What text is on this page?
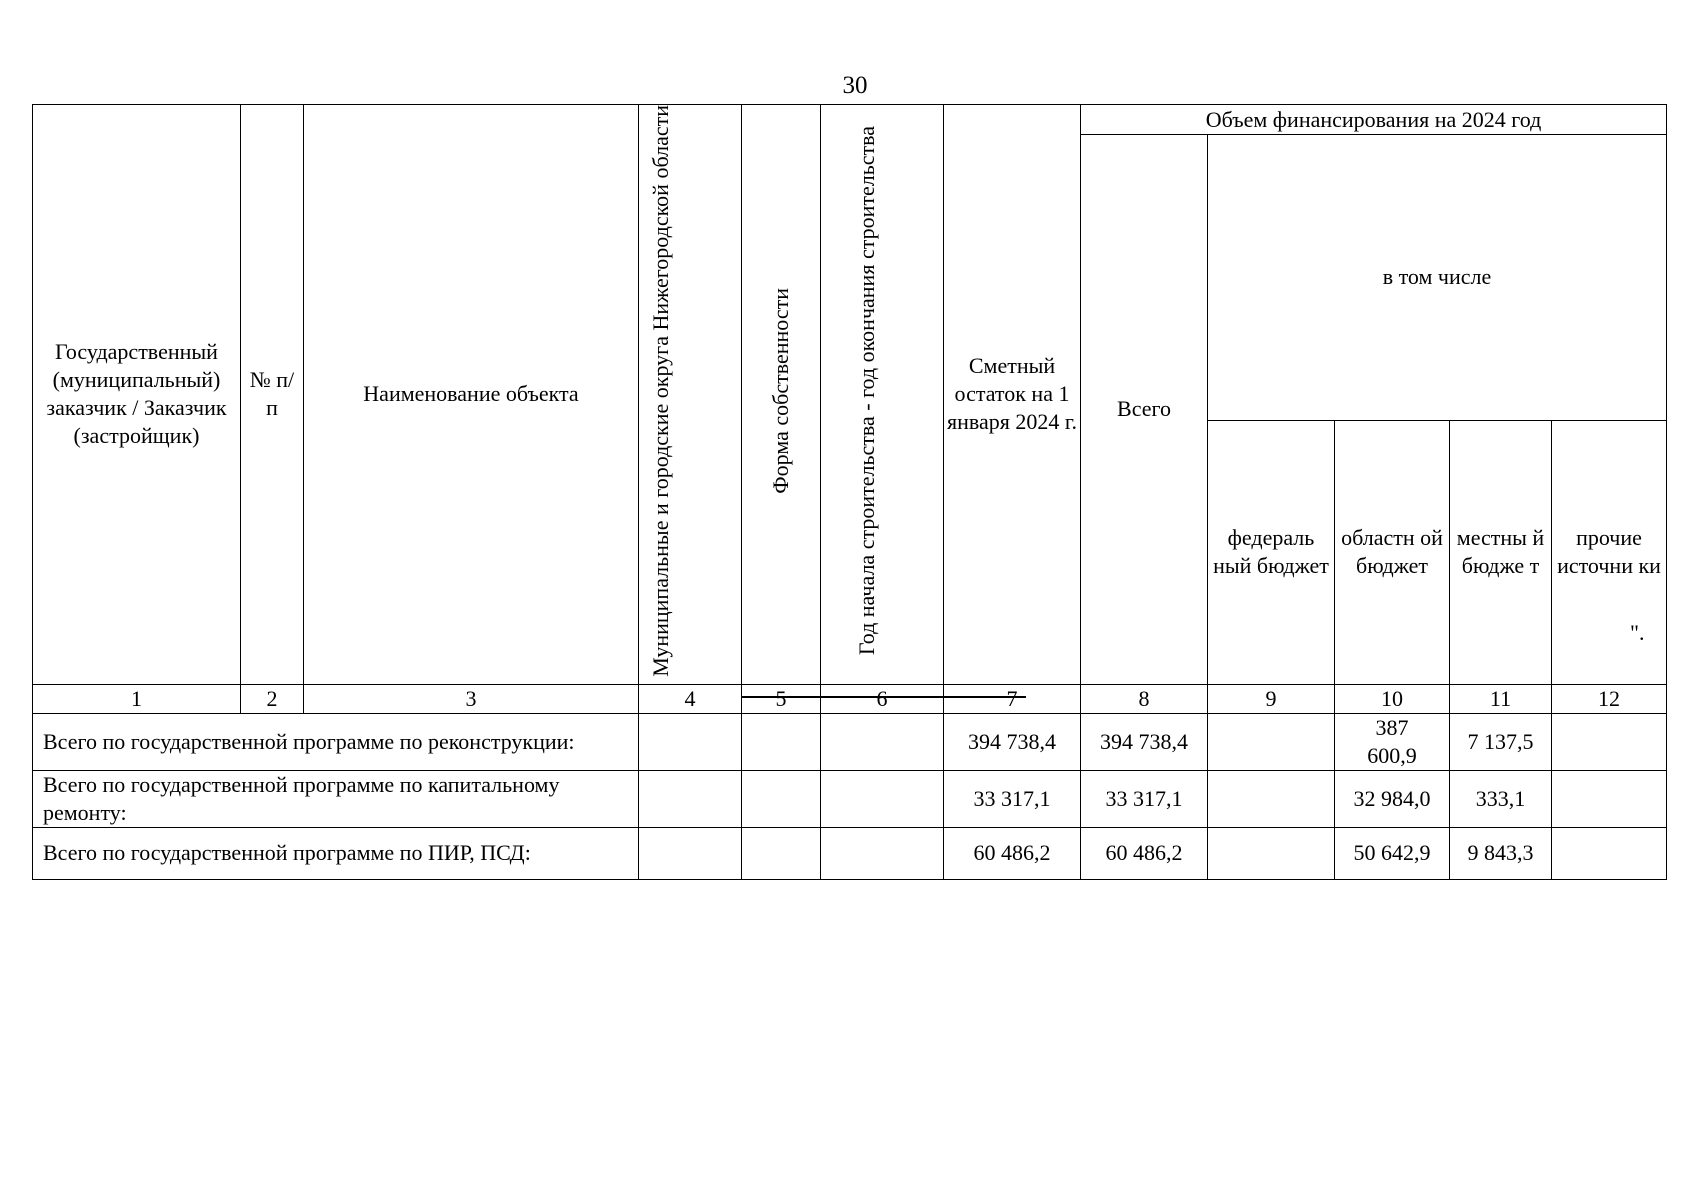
30
Государственный (муниципальный) заказчик / Заказчик (застройщик)	№ п/п	Наименование объекта	Муниципальные и городские округа Нижегородской области	Форма собственности	Год начала строительства - год окончания строительства	Сметный остаток на 1 января 2024 г.	Объем финансирования на 2024 год				
							Всего	в том числе			
								федераль ный бюджет	областн ой бюджет	местны й бюдже т	прочие источни ки
1	2	3	4	5	6	7	8	9	10	11	12
Всего по государственной программе по реконструкции:						394 738,4	394 738,4		387 600,9	7 137,5	
Всего по государственной программе по капитальному ремонту:						33 317,1	33 317,1		32 984,0	333,1	
Всего по государственной программе по ПИР, ПСД:						60 486,2	60 486,2		50 642,9	9 843,3	
".
